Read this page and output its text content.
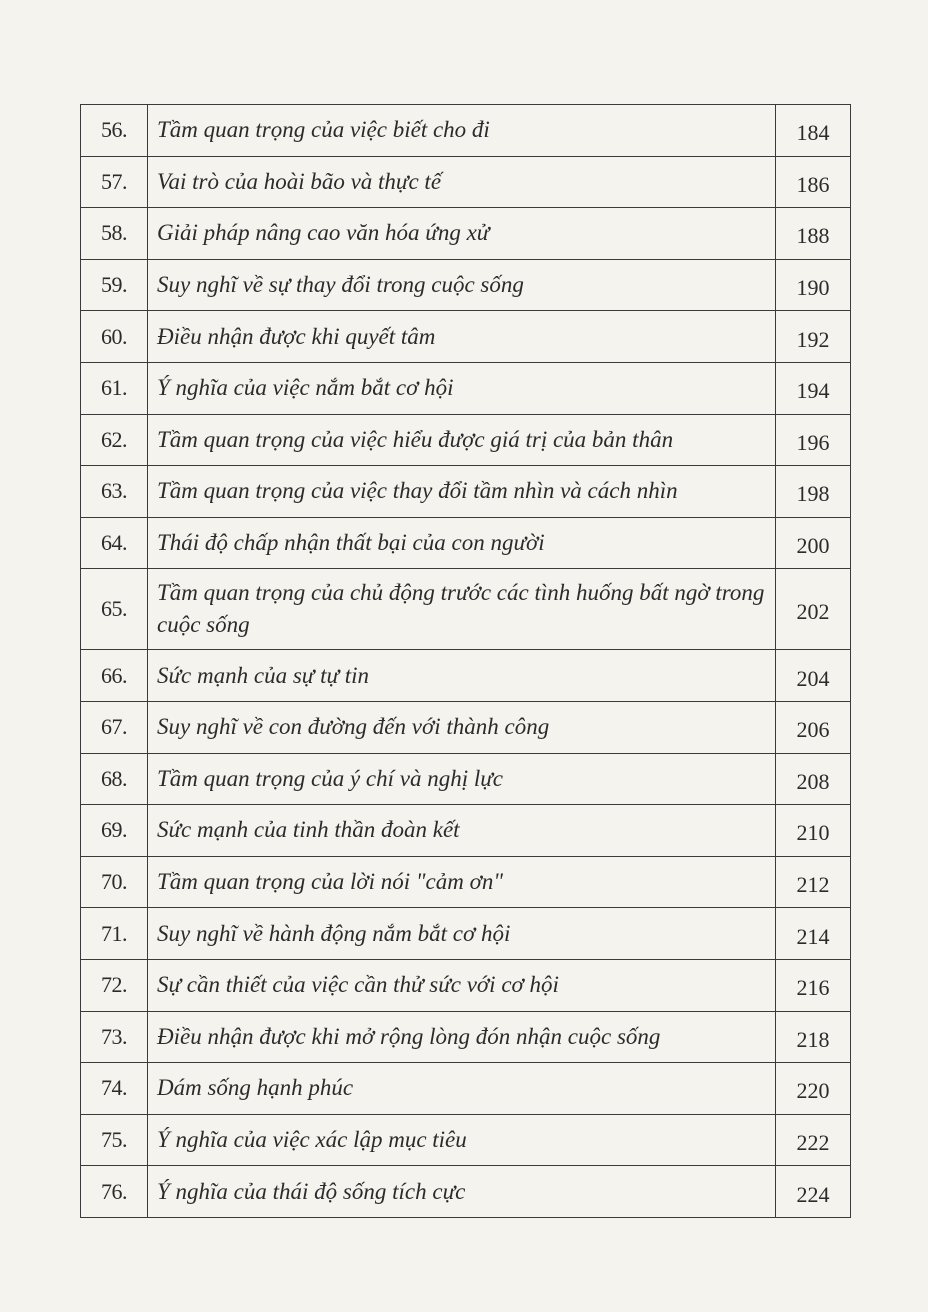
56.	Tầm quan trọng của việc biết cho đi	184
57.	Vai trò của hoài bão và thực tế	186
58.	Giải pháp nâng cao văn hóa ứng xử	188
59.	Suy nghĩ về sự thay đổi trong cuộc sống	190
60.	Điều nhận được khi quyết tâm	192
61.	Ý nghĩa của việc nắm bắt cơ hội	194
62.	Tầm quan trọng của việc hiểu được giá trị của bản thân	196
63.	Tầm quan trọng của việc thay đổi tầm nhìn và cách nhìn	198
64.	Thái độ chấp nhận thất bại của con người	200
65.	Tầm quan trọng của chủ động trước các tình huống bất ngờ trong cuộc sống	202
66.	Sức mạnh của sự tự tin	204
67.	Suy nghĩ về con đường đến với thành công	206
68.	Tầm quan trọng của ý chí và nghị lực	208
69.	Sức mạnh của tinh thần đoàn kết	210
70.	Tầm quan trọng của lời nói "cảm ơn"	212
71.	Suy nghĩ về hành động nắm bắt cơ hội	214
72.	Sự cần thiết của việc cần thử sức với cơ hội	216
73.	Điều nhận được khi mở rộng lòng đón nhận cuộc sống	218
74.	Dám sống hạnh phúc	220
75.	Ý nghĩa của việc xác lập mục tiêu	222
76.	Ý nghĩa của thái độ sống tích cực	224
